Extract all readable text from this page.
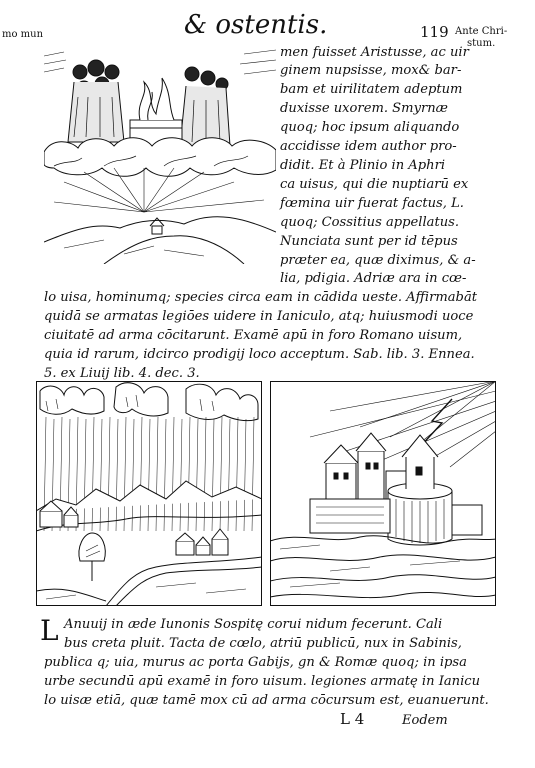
mo mun	& ostentis.	119 Ante Chri-
stum.
men fuisset Aristusse, ac uir
ginem nupsisse, mox& bar-
bam et uirilitatem adeptum
duxisse uxorem. Smyrnæ
quoq; hoc ipsum aliquando
accidisse idem author pro-
didit. Et à Plinio in Aphri
ca uisus, qui die nuptiarū ex
fœmina uir fuerat factus, L.
quoq; Cossitius appellatus.
Nunciata sunt per id tēpus
præter ea, quæ diximus, & a-
lia, pdigia. Adriæ ara in cœ-
lo uisa, hominumq; species circa eam in cādida ueste. Affirmabāt
quidā se armatas legiōes uidere in Ianiculo, atq; huiusmodi uoce
ciuitatē ad arma cōcitarunt. Examē apū in foro Romano uisum,
quia id rarum, idcirco prodigij loco acceptum. Sab. lib. 3. Ennea.
5. ex Liuij lib. 4. dec. 3.
L Anuuij in æde Iunonis Sospitę corui nidum fecerunt. Cali
bus creta pluit. Tacta de cœlo, atriū publicū, nux in Sabinis,
publica q; uia, murus ac porta Gabijs, gn & Romæ quoq; in ipsa
urbe secundū apū examē in foro uisum. legiones armatę in Ianicu
lo uisæ etiā, quæ tamē mox cū ad arma cōcursum est, euanuerunt.
L 4	Eodem
